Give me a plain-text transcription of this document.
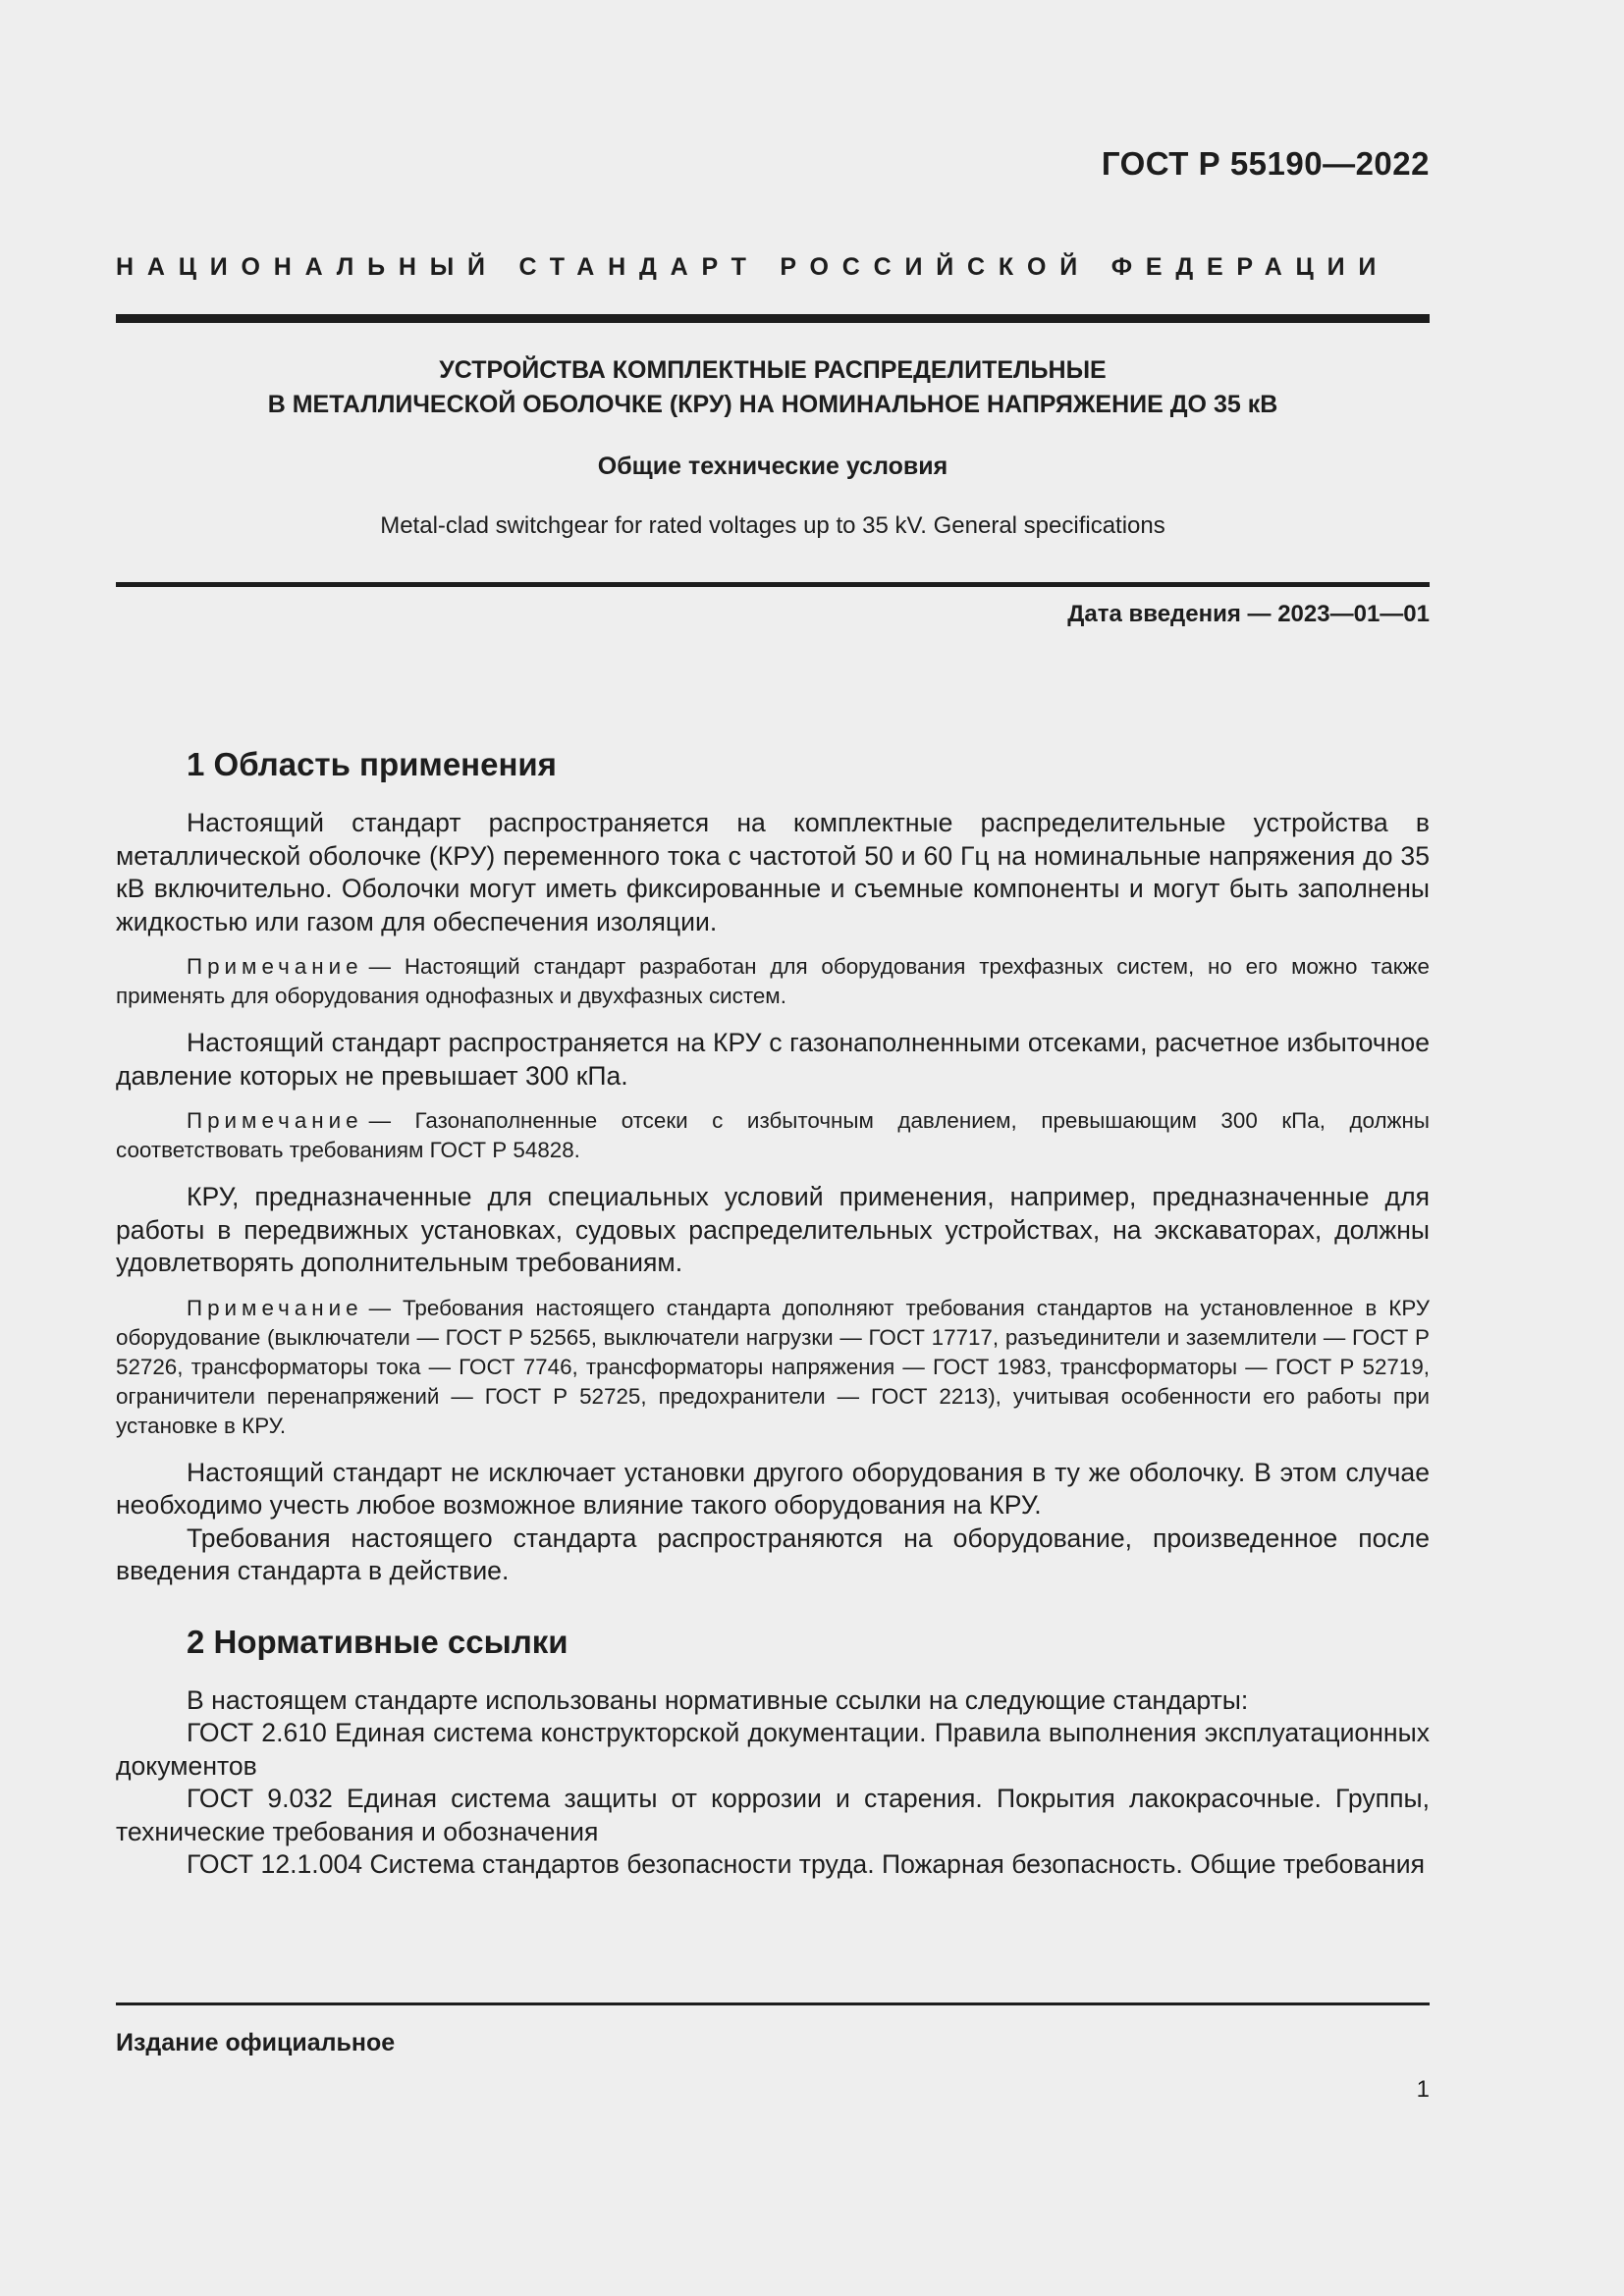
ГОСТ Р 55190—2022
НАЦИОНАЛЬНЫЙ СТАНДАРТ РОССИЙСКОЙ ФЕДЕРАЦИИ
УСТРОЙСТВА КОМПЛЕКТНЫЕ РАСПРЕДЕЛИТЕЛЬНЫЕ
В МЕТАЛЛИЧЕСКОЙ ОБОЛОЧКЕ (КРУ) НА НОМИНАЛЬНОЕ НАПРЯЖЕНИЕ ДО 35 кВ
Общие технические условия
Metal-clad switchgear for rated voltages up to 35 kV. General specifications
Дата введения — 2023—01—01
1 Область применения

Настоящий стандарт распространяется на комплектные распределительные устройства в металлической оболочке (КРУ) переменного тока с частотой 50 и 60 Гц на номинальные напряжения до 35 кВ включительно. Оболочки могут иметь фиксированные и съемные компоненты и могут быть заполнены жидкостью или газом для обеспечения изоляции.

Примечание — Настоящий стандарт разработан для оборудования трехфазных систем, но его можно также применять для оборудования однофазных и двухфазных систем.

Настоящий стандарт распространяется на КРУ с газонаполненными отсеками, расчетное избыточное давление которых не превышает 300 кПа.

Примечание — Газонаполненные отсеки с избыточным давлением, превышающим 300 кПа, должны соответствовать требованиям ГОСТ Р 54828.

КРУ, предназначенные для специальных условий применения, например, предназначенные для работы в передвижных установках, судовых распределительных устройствах, на экскаваторах, должны удовлетворять дополнительным требованиям.

Примечание — Требования настоящего стандарта дополняют требования стандартов на установленное в КРУ оборудование (выключатели — ГОСТ Р 52565, выключатели нагрузки — ГОСТ 17717, разъединители и заземлители — ГОСТ Р 52726, трансформаторы тока — ГОСТ 7746, трансформаторы напряжения — ГОСТ 1983, трансформаторы — ГОСТ Р 52719, ограничители перенапряжений — ГОСТ Р 52725, предохранители — ГОСТ 2213), учитывая особенности его работы при установке в КРУ.

Настоящий стандарт не исключает установки другого оборудования в ту же оболочку. В этом случае необходимо учесть любое возможное влияние такого оборудования на КРУ.

Требования настоящего стандарта распространяются на оборудование, произведенное после введения стандарта в действие.

2 Нормативные ссылки

В настоящем стандарте использованы нормативные ссылки на следующие стандарты:

ГОСТ 2.610 Единая система конструкторской документации. Правила выполнения эксплуатационных документов

ГОСТ 9.032 Единая система защиты от коррозии и старения. Покрытия лакокрасочные. Группы, технические требования и обозначения

ГОСТ 12.1.004 Система стандартов безопасности труда. Пожарная безопасность. Общие требования

Издание официальное
1
